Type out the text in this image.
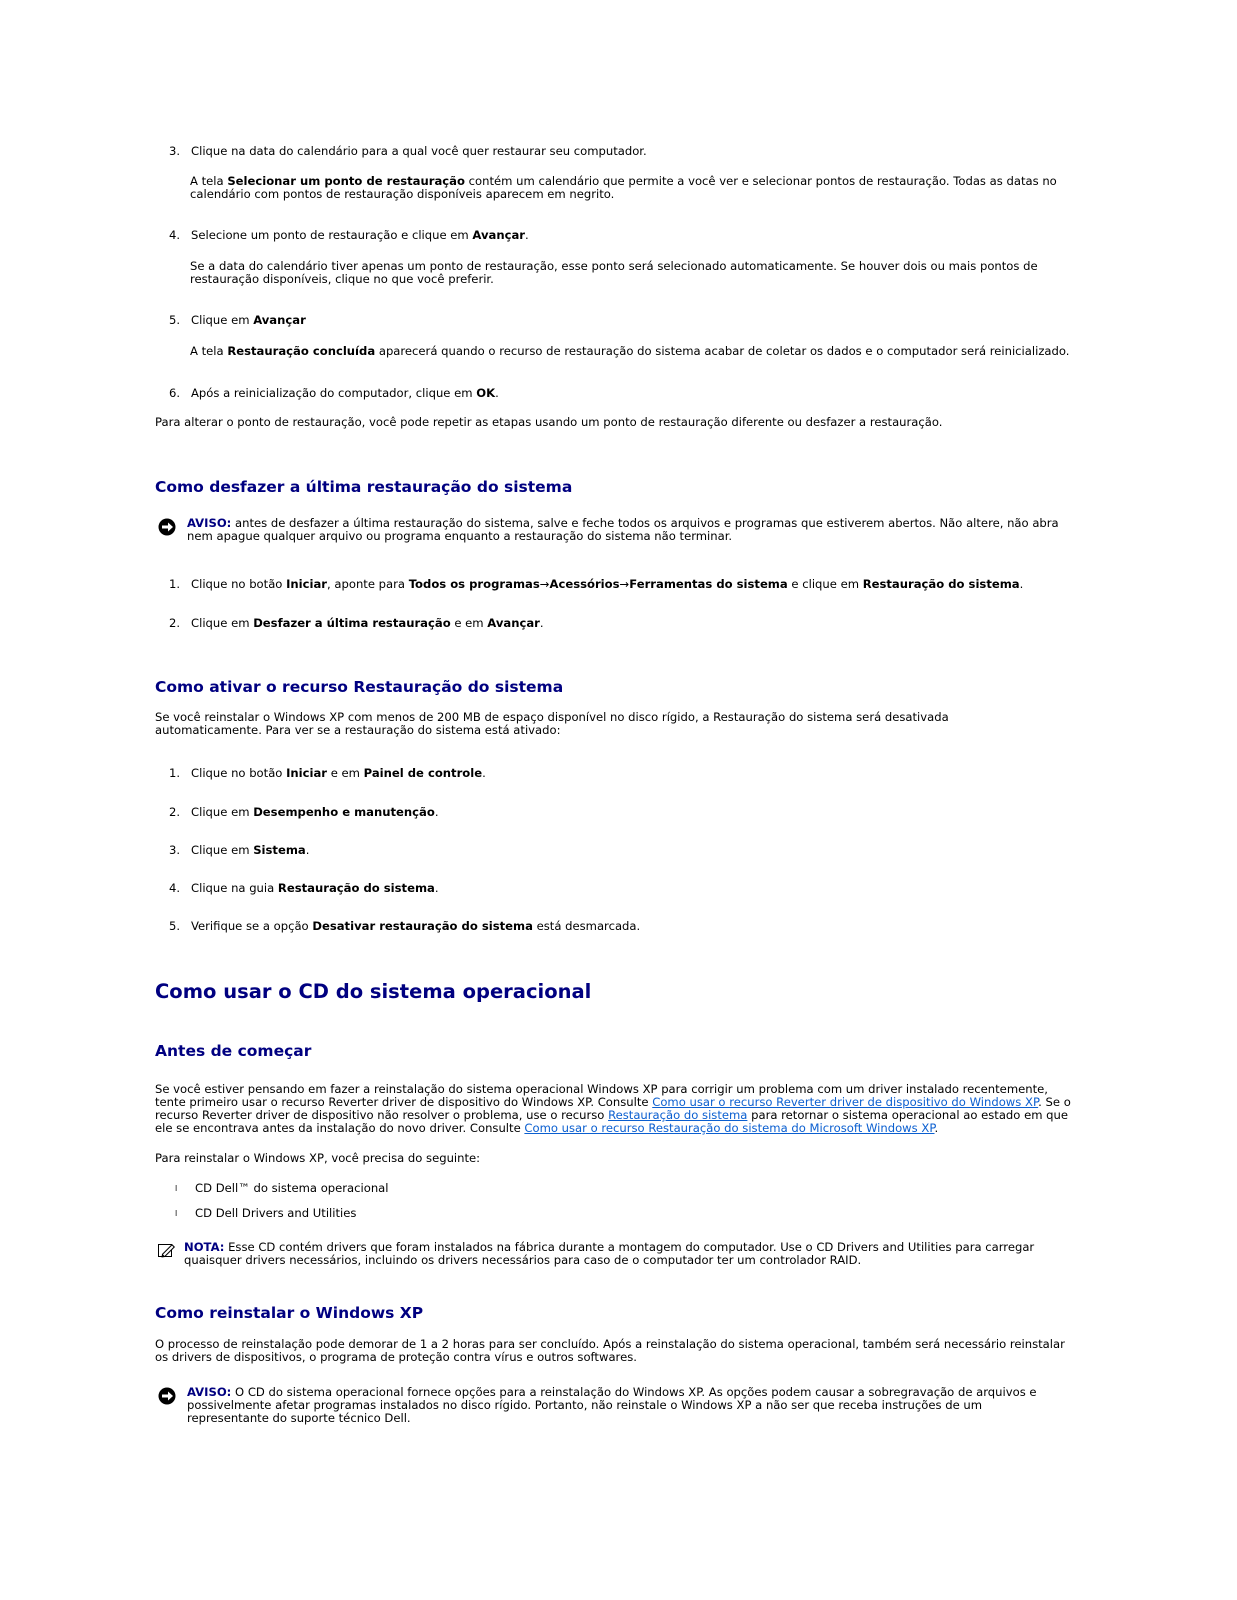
3. Clique na data do calendário para a qual você quer restaurar seu computador.
A tela Selecionar um ponto de restauração contém um calendário que permite a você ver e selecionar pontos de restauração. Todas as datas no calendário com pontos de restauração disponíveis aparecem em negrito.
4. Selecione um ponto de restauração e clique em Avançar.
Se a data do calendário tiver apenas um ponto de restauração, esse ponto será selecionado automaticamente. Se houver dois ou mais pontos de restauração disponíveis, clique no que você preferir.
5. Clique em Avançar
A tela Restauração concluída aparecerá quando o recurso de restauração do sistema acabar de coletar os dados e o computador será reinicializado.
6. Após a reinicialização do computador, clique em OK.
Para alterar o ponto de restauração, você pode repetir as etapas usando um ponto de restauração diferente ou desfazer a restauração.
Como desfazer a última restauração do sistema
AVISO: antes de desfazer a última restauração do sistema, salve e feche todos os arquivos e programas que estiverem abertos. Não altere, não abra nem apague qualquer arquivo ou programa enquanto a restauração do sistema não terminar.
1. Clique no botão Iniciar, aponte para Todos os programas→Acessórios→Ferramentas do sistema e clique em Restauração do sistema.
2. Clique em Desfazer a última restauração e em Avançar.
Como ativar o recurso Restauração do sistema
Se você reinstalar o Windows XP com menos de 200 MB de espaço disponível no disco rígido, a Restauração do sistema será desativada automaticamente. Para ver se a restauração do sistema está ativado:
1. Clique no botão Iniciar e em Painel de controle.
2. Clique em Desempenho e manutenção.
3. Clique em Sistema.
4. Clique na guia Restauração do sistema.
5. Verifique se a opção Desativar restauração do sistema está desmarcada.
Como usar o CD do sistema operacional
Antes de começar
Se você estiver pensando em fazer a reinstalação do sistema operacional Windows XP para corrigir um problema com um driver instalado recentemente, tente primeiro usar o recurso Reverter driver de dispositivo do Windows XP. Consulte Como usar o recurso Reverter driver de dispositivo do Windows XP. Se o recurso Reverter driver de dispositivo não resolver o problema, use o recurso Restauração do sistema para retornar o sistema operacional ao estado em que ele se encontrava antes da instalação do novo driver. Consulte Como usar o recurso Restauração do sistema do Microsoft Windows XP.
Para reinstalar o Windows XP, você precisa do seguinte:
l CD Dell™ do sistema operacional
l CD Dell Drivers and Utilities
NOTA: Esse CD contém drivers que foram instalados na fábrica durante a montagem do computador. Use o CD Drivers and Utilities para carregar quaisquer drivers necessários, incluindo os drivers necessários para caso de o computador ter um controlador RAID.
Como reinstalar o Windows XP
O processo de reinstalação pode demorar de 1 a 2 horas para ser concluído. Após a reinstalação do sistema operacional, também será necessário reinstalar os drivers de dispositivos, o programa de proteção contra vírus e outros softwares.
AVISO: O CD do sistema operacional fornece opções para a reinstalação do Windows XP. As opções podem causar a sobregravação de arquivos e possivelmente afetar programas instalados no disco rígido. Portanto, não reinstale o Windows XP a não ser que receba instruções de um representante do suporte técnico Dell.
